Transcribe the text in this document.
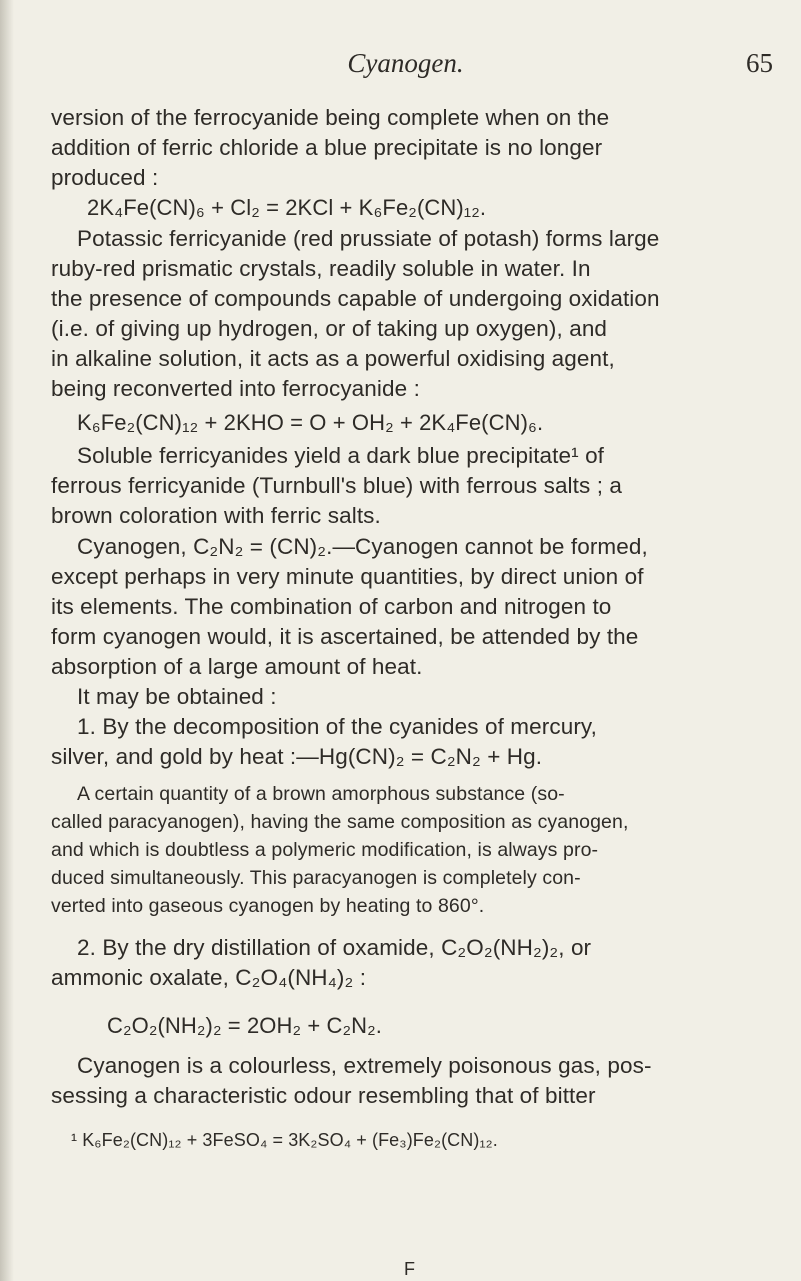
Cyanogen.	65
version of the ferrocyanide being complete when on the
addition of ferric chloride a blue precipitate is no longer
produced :
2K₄Fe(CN)₆ + Cl₂ = 2KCl + K₆Fe₂(CN)₁₂.
Potassic ferricyanide (red prussiate of potash) forms large
ruby-red prismatic crystals, readily soluble in water. In
the presence of compounds capable of undergoing oxidation
(i.e. of giving up hydrogen, or of taking up oxygen), and
in alkaline solution, it acts as a powerful oxidising agent,
being reconverted into ferrocyanide :
K₆Fe₂(CN)₁₂ + 2KHO = O + OH₂ + 2K₄Fe(CN)₆.
Soluble ferricyanides yield a dark blue precipitate¹ of
ferrous ferricyanide (Turnbull's blue) with ferrous salts ; a
brown coloration with ferric salts.
Cyanogen, C₂N₂ = (CN)₂.—Cyanogen cannot be formed,
except perhaps in very minute quantities, by direct union of
its elements. The combination of carbon and nitrogen to
form cyanogen would, it is ascertained, be attended by the
absorption of a large amount of heat.
It may be obtained :
1. By the decomposition of the cyanides of mercury,
silver, and gold by heat :—Hg(CN)₂ = C₂N₂ + Hg.
A certain quantity of a brown amorphous substance (so-
called paracyanogen), having the same composition as cyanogen,
and which is doubtless a polymeric modification, is always pro-
duced simultaneously. This paracyanogen is completely con-
verted into gaseous cyanogen by heating to 860°.
2. By the dry distillation of oxamide, C₂O₂(NH₂)₂, or
ammonic oxalate, C₂O₄(NH₄)₂ :
C₂O₂(NH₂)₂ = 2OH₂ + C₂N₂.
Cyanogen is a colourless, extremely poisonous gas, pos-
sessing a characteristic odour resembling that of bitter
¹ K₆Fe₂(CN)₁₂ + 3FeSO₄ = 3K₂SO₄ + (Fe₃)Fe₂(CN)₁₂.
F
